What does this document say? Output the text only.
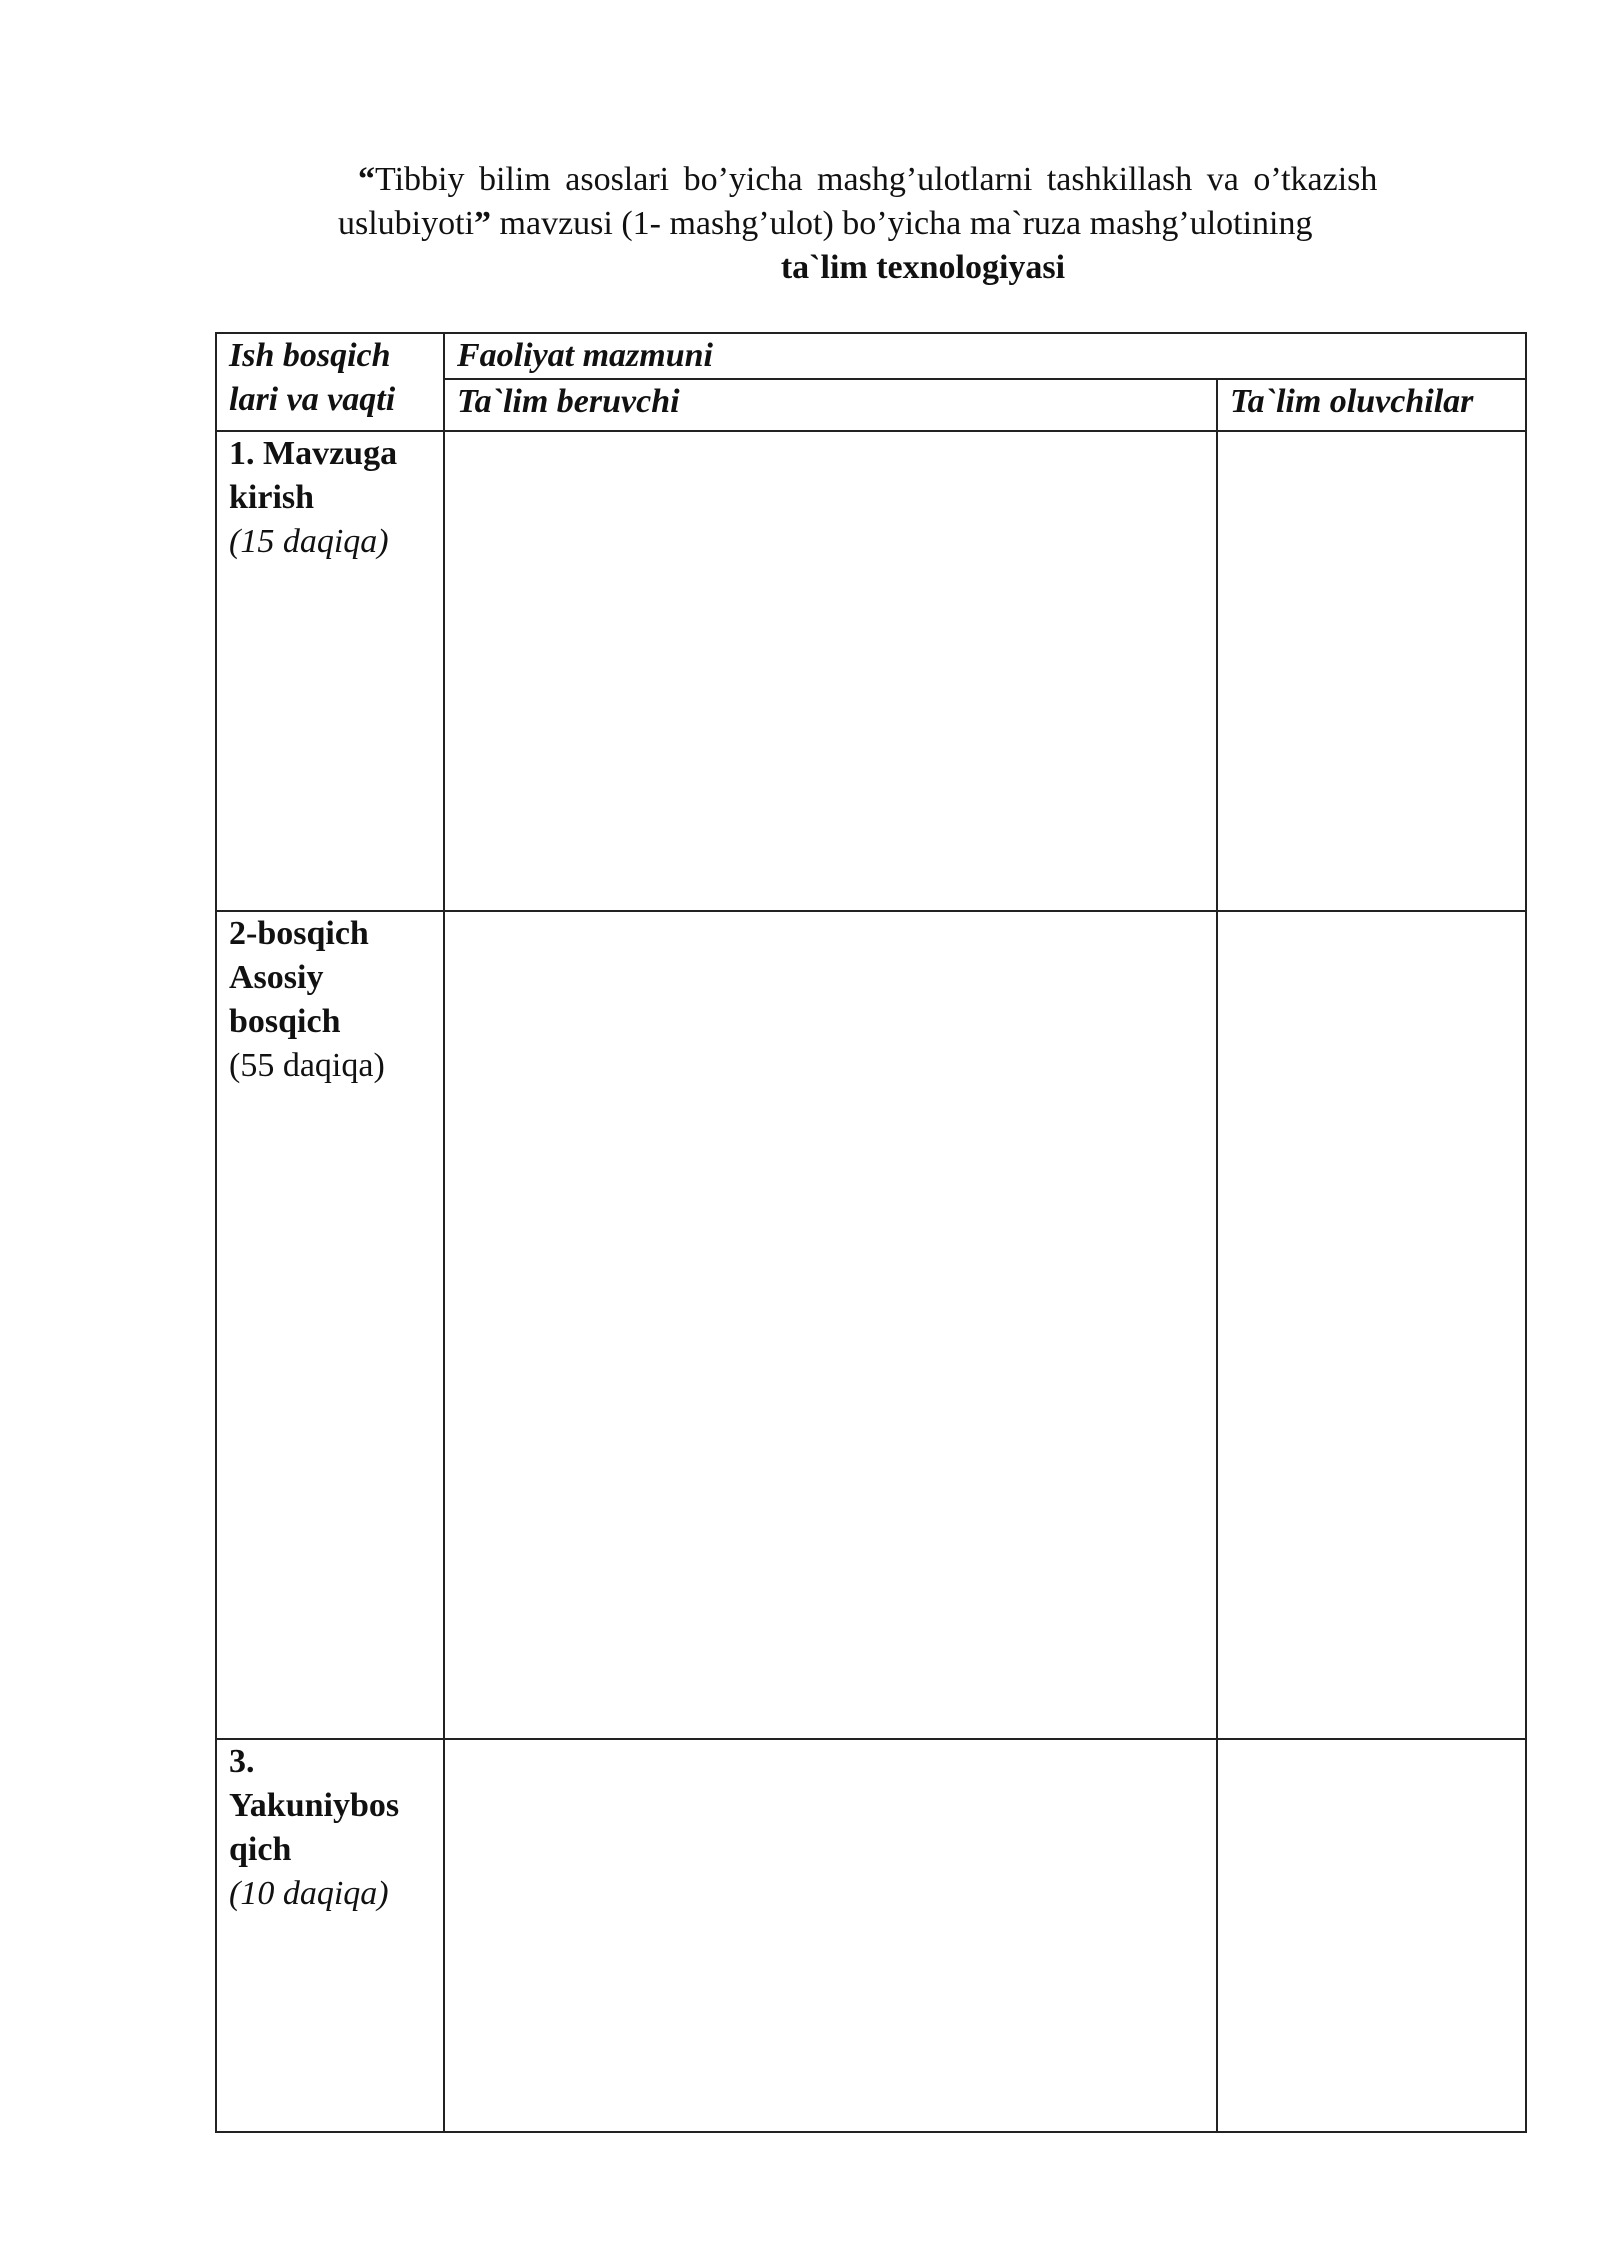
“Tibbiy bilim asoslari bo’yicha mashg’ulotlarni tashkillash va o’tkazish
uslubiyoti” mavzusi (1- mashg’ulot) bo’yicha ma`ruza mashg’ulotining
ta`lim texnologiyasi
Ish bosqich
lari va vaqti	Faoliyat mazmuni	
	Ta`lim beruvchi	Ta`lim oluvchilar

1. Mavzuga
kirish
(15 daqiqa)		

2-bosqich
Asosiy
bosqich
(55 daqiqa)		

3.
Yakuniybos
qich
(10 daqiqa)		
